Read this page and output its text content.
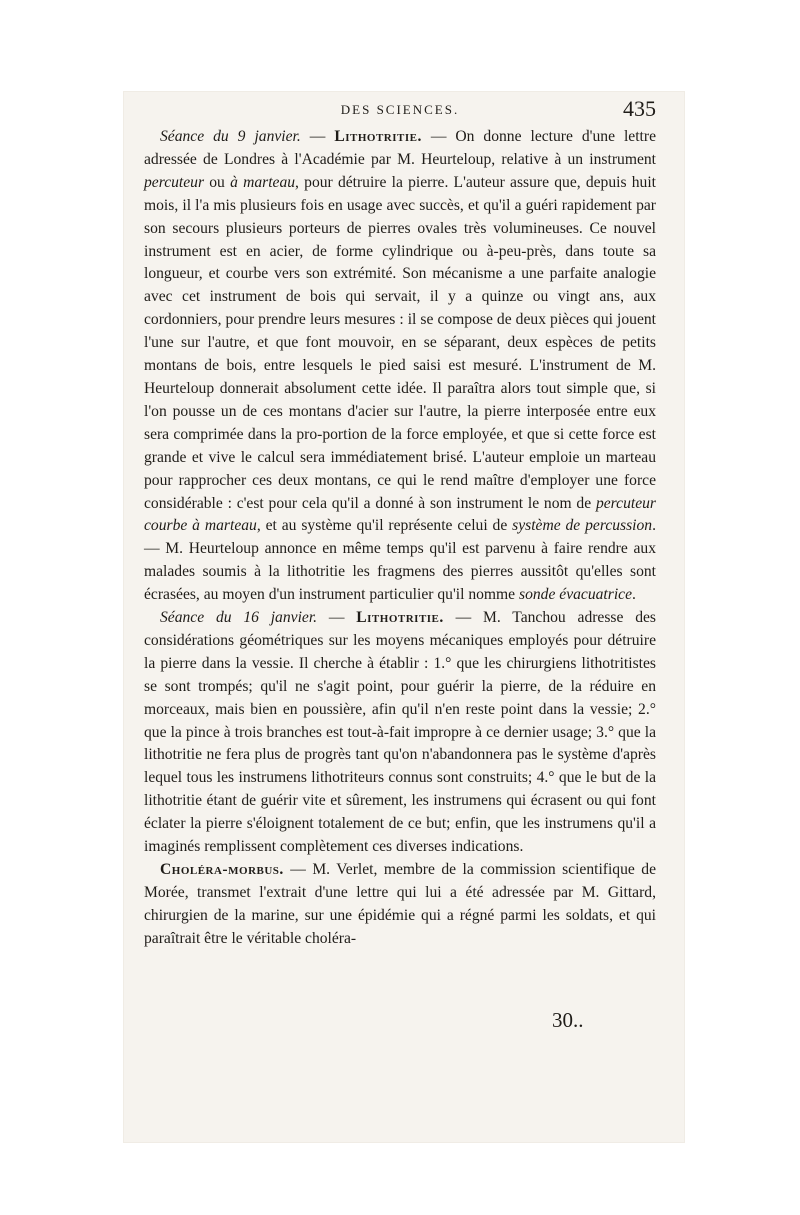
DES SCIENCES.	435

Séance du 9 janvier. — Lithotritie. — On donne lecture d'une lettre adressée de Londres à l'Académie par M. Heurteloup, relative à un instrument percuteur ou à marteau, pour détruire la pierre. L'auteur assure que, depuis huit mois, il l'a mis plusieurs fois en usage avec succès, et qu'il a guéri rapidement par son secours plusieurs porteurs de pierres ovales très volumineuses. Ce nouvel instrument est en acier, de forme cylindrique ou à-peu-près, dans toute sa longueur, et courbe vers son extrémité. Son mécanisme a une parfaite analogie avec cet instrument de bois qui servait, il y a quinze ou vingt ans, aux cordonniers, pour prendre leurs mesures : il se compose de deux pièces qui jouent l'une sur l'autre, et que font mouvoir, en se séparant, deux espèces de petits montans de bois, entre lesquels le pied saisi est mesuré. L'instrument de M. Heurteloup donnerait absolument cette idée. Il paraîtra alors tout simple que, si l'on pousse un de ces montans d'acier sur l'autre, la pierre interposée entre eux sera comprimée dans la pro-portion de la force employée, et que si cette force est grande et vive le calcul sera immédiatement brisé. L'auteur emploie un marteau pour rapprocher ces deux montans, ce qui le rend maître d'employer une force considérable : c'est pour cela qu'il a donné à son instrument le nom de percuteur courbe à marteau, et au système qu'il représente celui de système de percussion. — M. Heurteloup annonce en même temps qu'il est parvenu à faire rendre aux malades soumis à la lithotritie les fragmens des pierres aussitôt qu'elles sont écrasées, au moyen d'un instrument particulier qu'il nomme sonde évacuatrice.

Séance du 16 janvier. — Lithotritie. — M. Tanchou adresse des considérations géométriques sur les moyens mécaniques employés pour détruire la pierre dans la vessie. Il cherche à établir : 1.° que les chirurgiens lithotritistes se sont trompés; qu'il ne s'agit point, pour guérir la pierre, de la réduire en morceaux, mais bien en poussière, afin qu'il n'en reste point dans la vessie; 2.° que la pince à trois branches est tout-à-fait impropre à ce dernier usage; 3.° que la lithotritie ne fera plus de progrès tant qu'on n'abandonnera pas le système d'après lequel tous les instrumens lithotriteurs connus sont construits; 4.° que le but de la lithotritie étant de guérir vite et sûrement, les instrumens qui écrasent ou qui font éclater la pierre s'éloignent totalement de ce but; enfin, que les instrumens qu'il a imaginés remplissent complètement ces diverses indications.

Choléra-morbus. — M. Verlet, membre de la commission scientifique de Morée, transmet l'extrait d'une lettre qui lui a été adressée par M. Gittard, chirurgien de la marine, sur une épidémie qui a régné parmi les soldats, et qui paraîtrait être le véritable choléra-

30..
